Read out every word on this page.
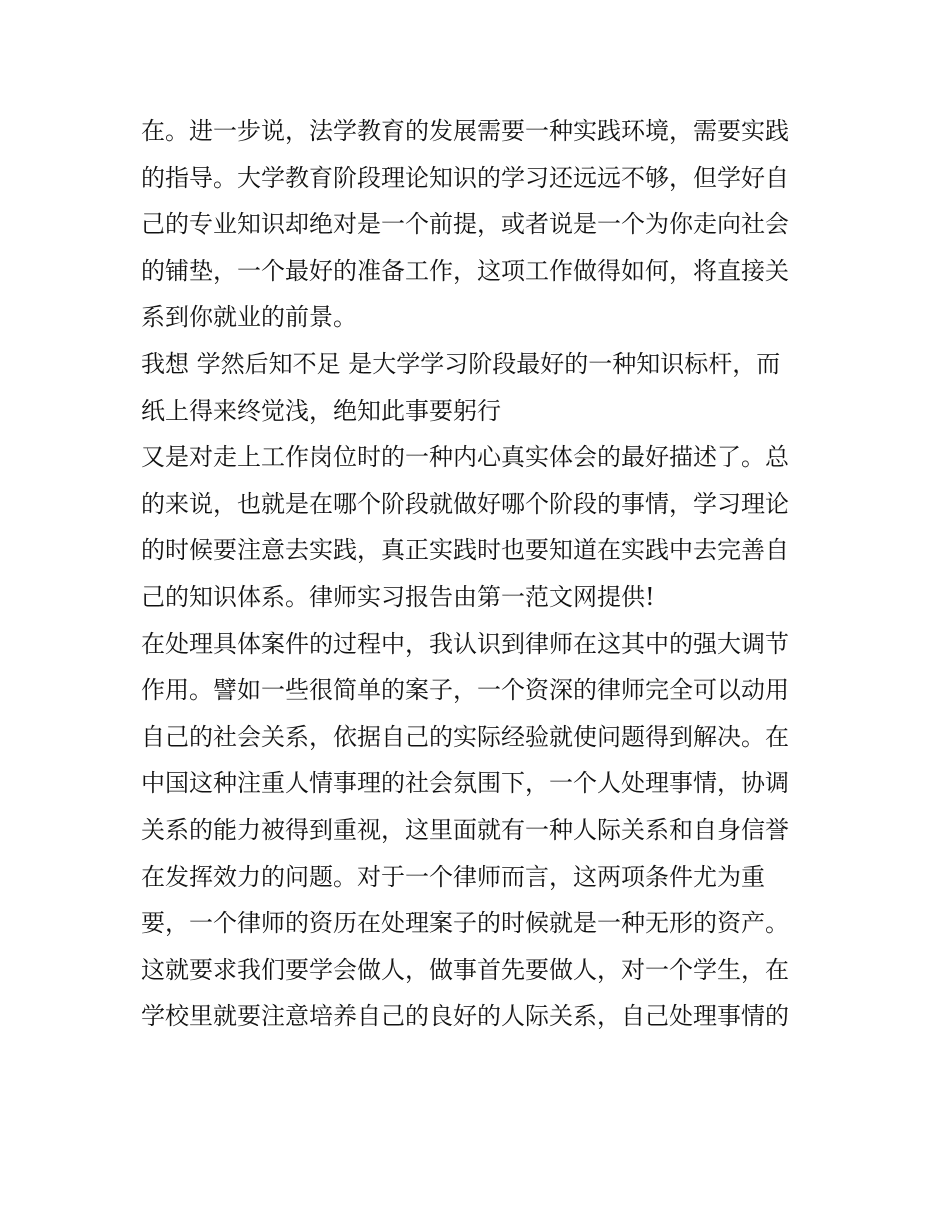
在。进一步说，法学教育的发展需要一种实践环境，需要实践
的指导。大学教育阶段理论知识的学习还远远不够，但学好自
己的专业知识却绝对是一个前提，或者说是一个为你走向社会
的铺垫，一个最好的准备工作，这项工作做得如何，将直接关
系到你就业的前景。
我想 学然后知不足 是大学学习阶段最好的一种知识标杆，而
纸上得来终觉浅，绝知此事要躬行
又是对走上工作岗位时的一种内心真实体会的最好描述了。总
的来说，也就是在哪个阶段就做好哪个阶段的事情，学习理论
的时候要注意去实践，真正实践时也要知道在实践中去完善自
己的知识体系。律师实习报告由第一范文网提供!
在处理具体案件的过程中，我认识到律师在这其中的强大调节
作用。譬如一些很简单的案子，一个资深的律师完全可以动用
自己的社会关系，依据自己的实际经验就使问题得到解决。在
中国这种注重人情事理的社会氛围下，一个人处理事情，协调
关系的能力被得到重视，这里面就有一种人际关系和自身信誉
在发挥效力的问题。对于一个律师而言，这两项条件尤为重
要，一个律师的资历在处理案子的时候就是一种无形的资产。
这就要求我们要学会做人，做事首先要做人，对一个学生，在
学校里就要注意培养自己的良好的人际关系，自己处理事情的
